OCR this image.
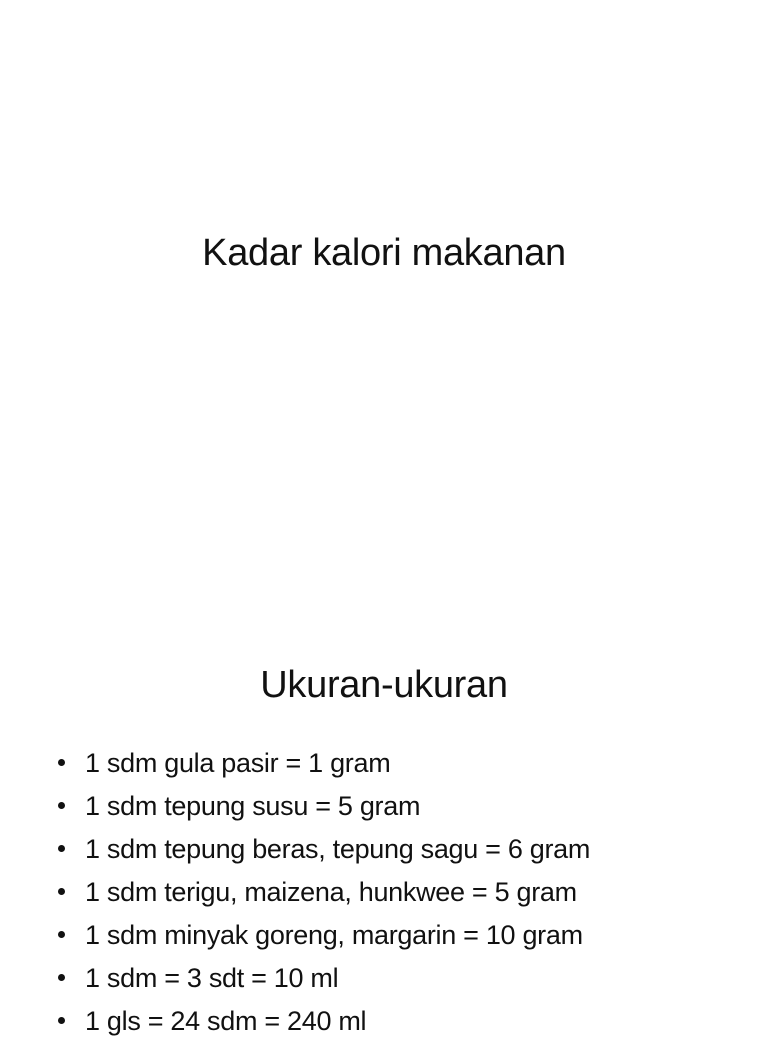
Kadar kalori makanan
Ukuran-ukuran
1 sdm gula pasir = 1 gram
1 sdm tepung susu = 5 gram
1 sdm tepung beras, tepung sagu = 6 gram
1 sdm terigu, maizena, hunkwee = 5 gram
1 sdm minyak goreng, margarin = 10 gram
1 sdm = 3 sdt = 10 ml
1 gls = 24 sdm = 240 ml
